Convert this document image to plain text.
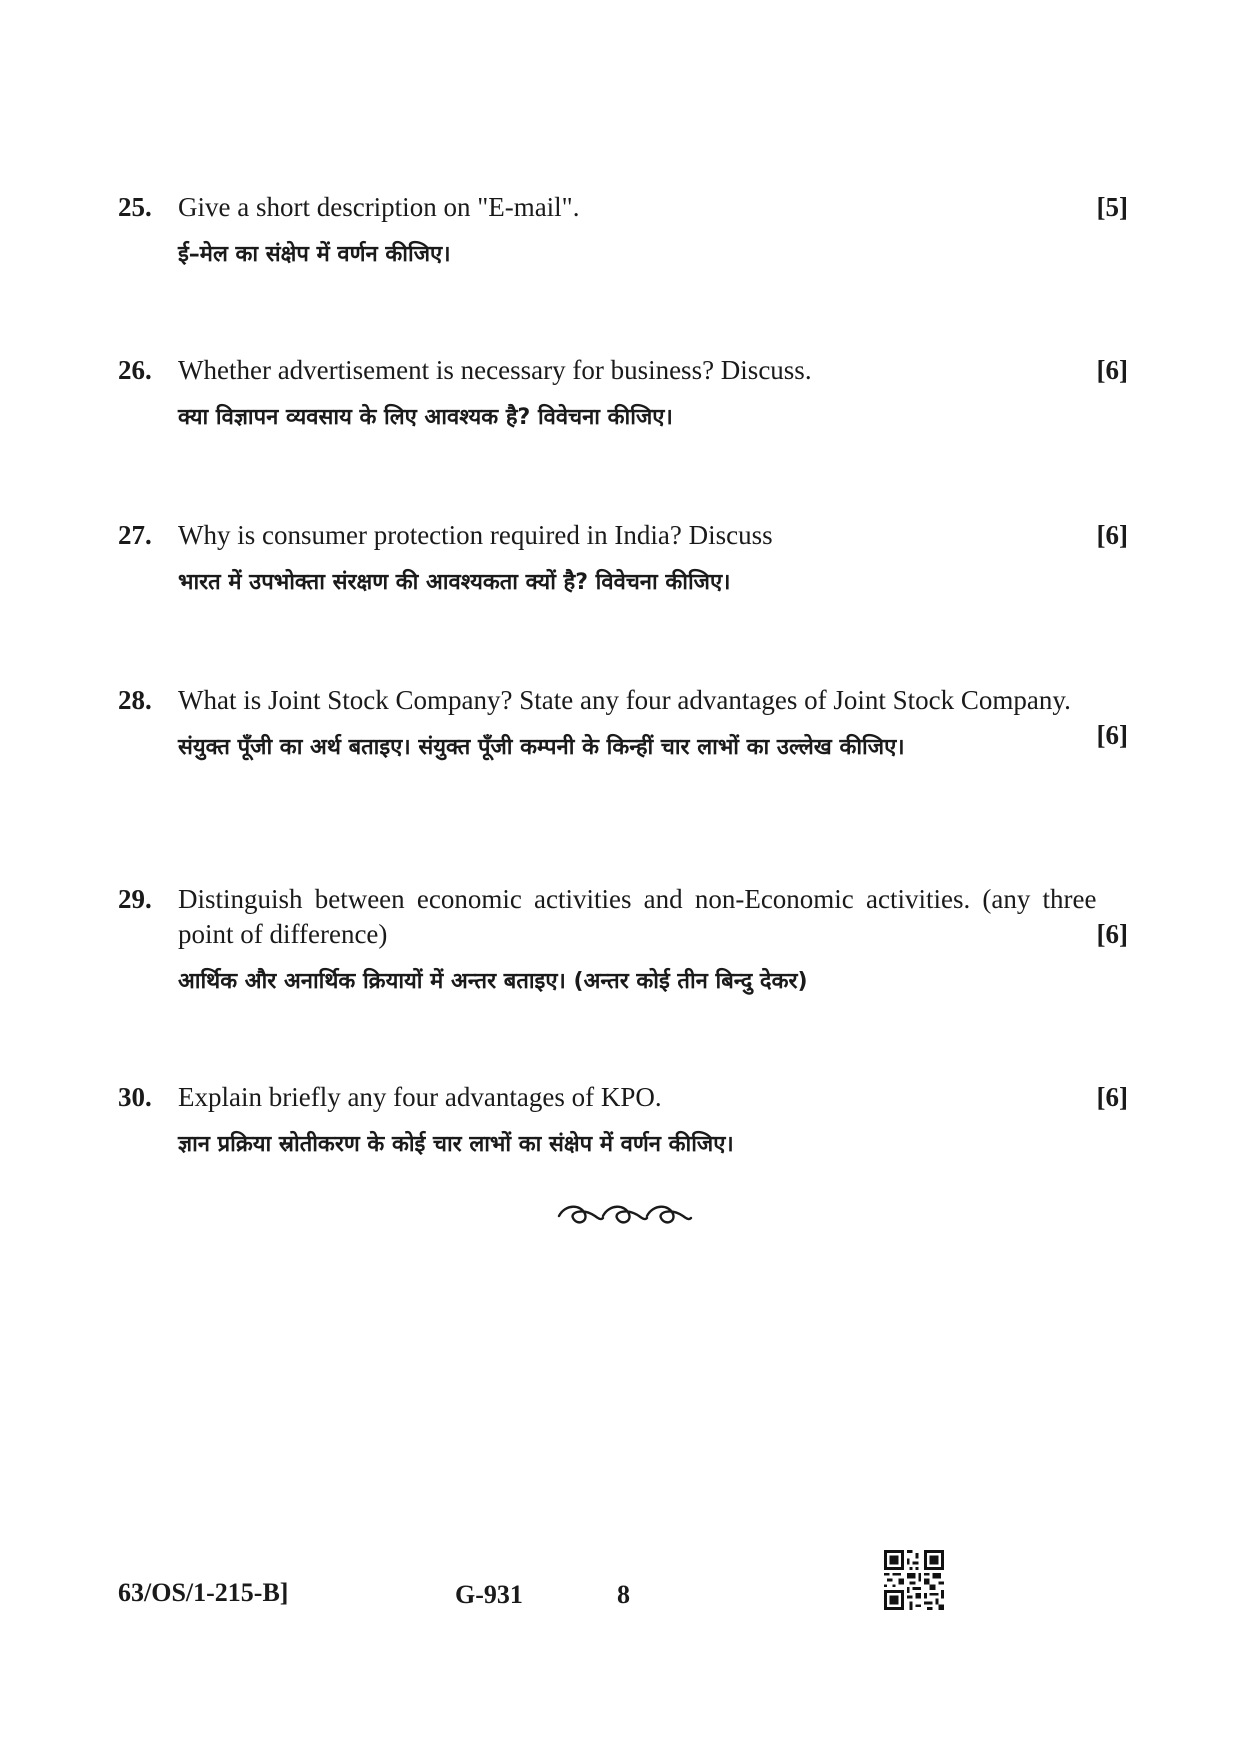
25.	[5]
Give a short description on "E-mail".
ई–मेल का संक्षेप में वर्णन कीजिए।
26.	[6]
Whether advertisement is necessary for business? Discuss.
क्या विज्ञापन व्यवसाय के लिए आवश्यक है? विवेचना कीजिए।
27.	[6]
Why is consumer protection required in India? Discuss
भारत में उपभोक्ता संरक्षण की आवश्यकता क्यों है? विवेचना कीजिए।
28.
[6]
What is Joint Stock Company? State any four advantages of Joint Stock Company.
संयुक्त पूँजी का अर्थ बताइए। संयुक्त पूँजी कम्पनी के किन्हीं चार लाभों का उल्लेख कीजिए।
29.
[6]
Distinguish between economic activities and non-Economic activities. (any three point of difference)
आर्थिक और अनार्थिक क्रियायों में अन्तर बताइए। (अन्तर कोई तीन बिन्दु देकर)
30.	[6]
Explain briefly any four advantages of KPO.
ज्ञान प्रक्रिया स्रोतीकरण के कोई चार लाभों का संक्षेप में वर्णन कीजिए।
63/OS/1-215-B]	G-931	8
